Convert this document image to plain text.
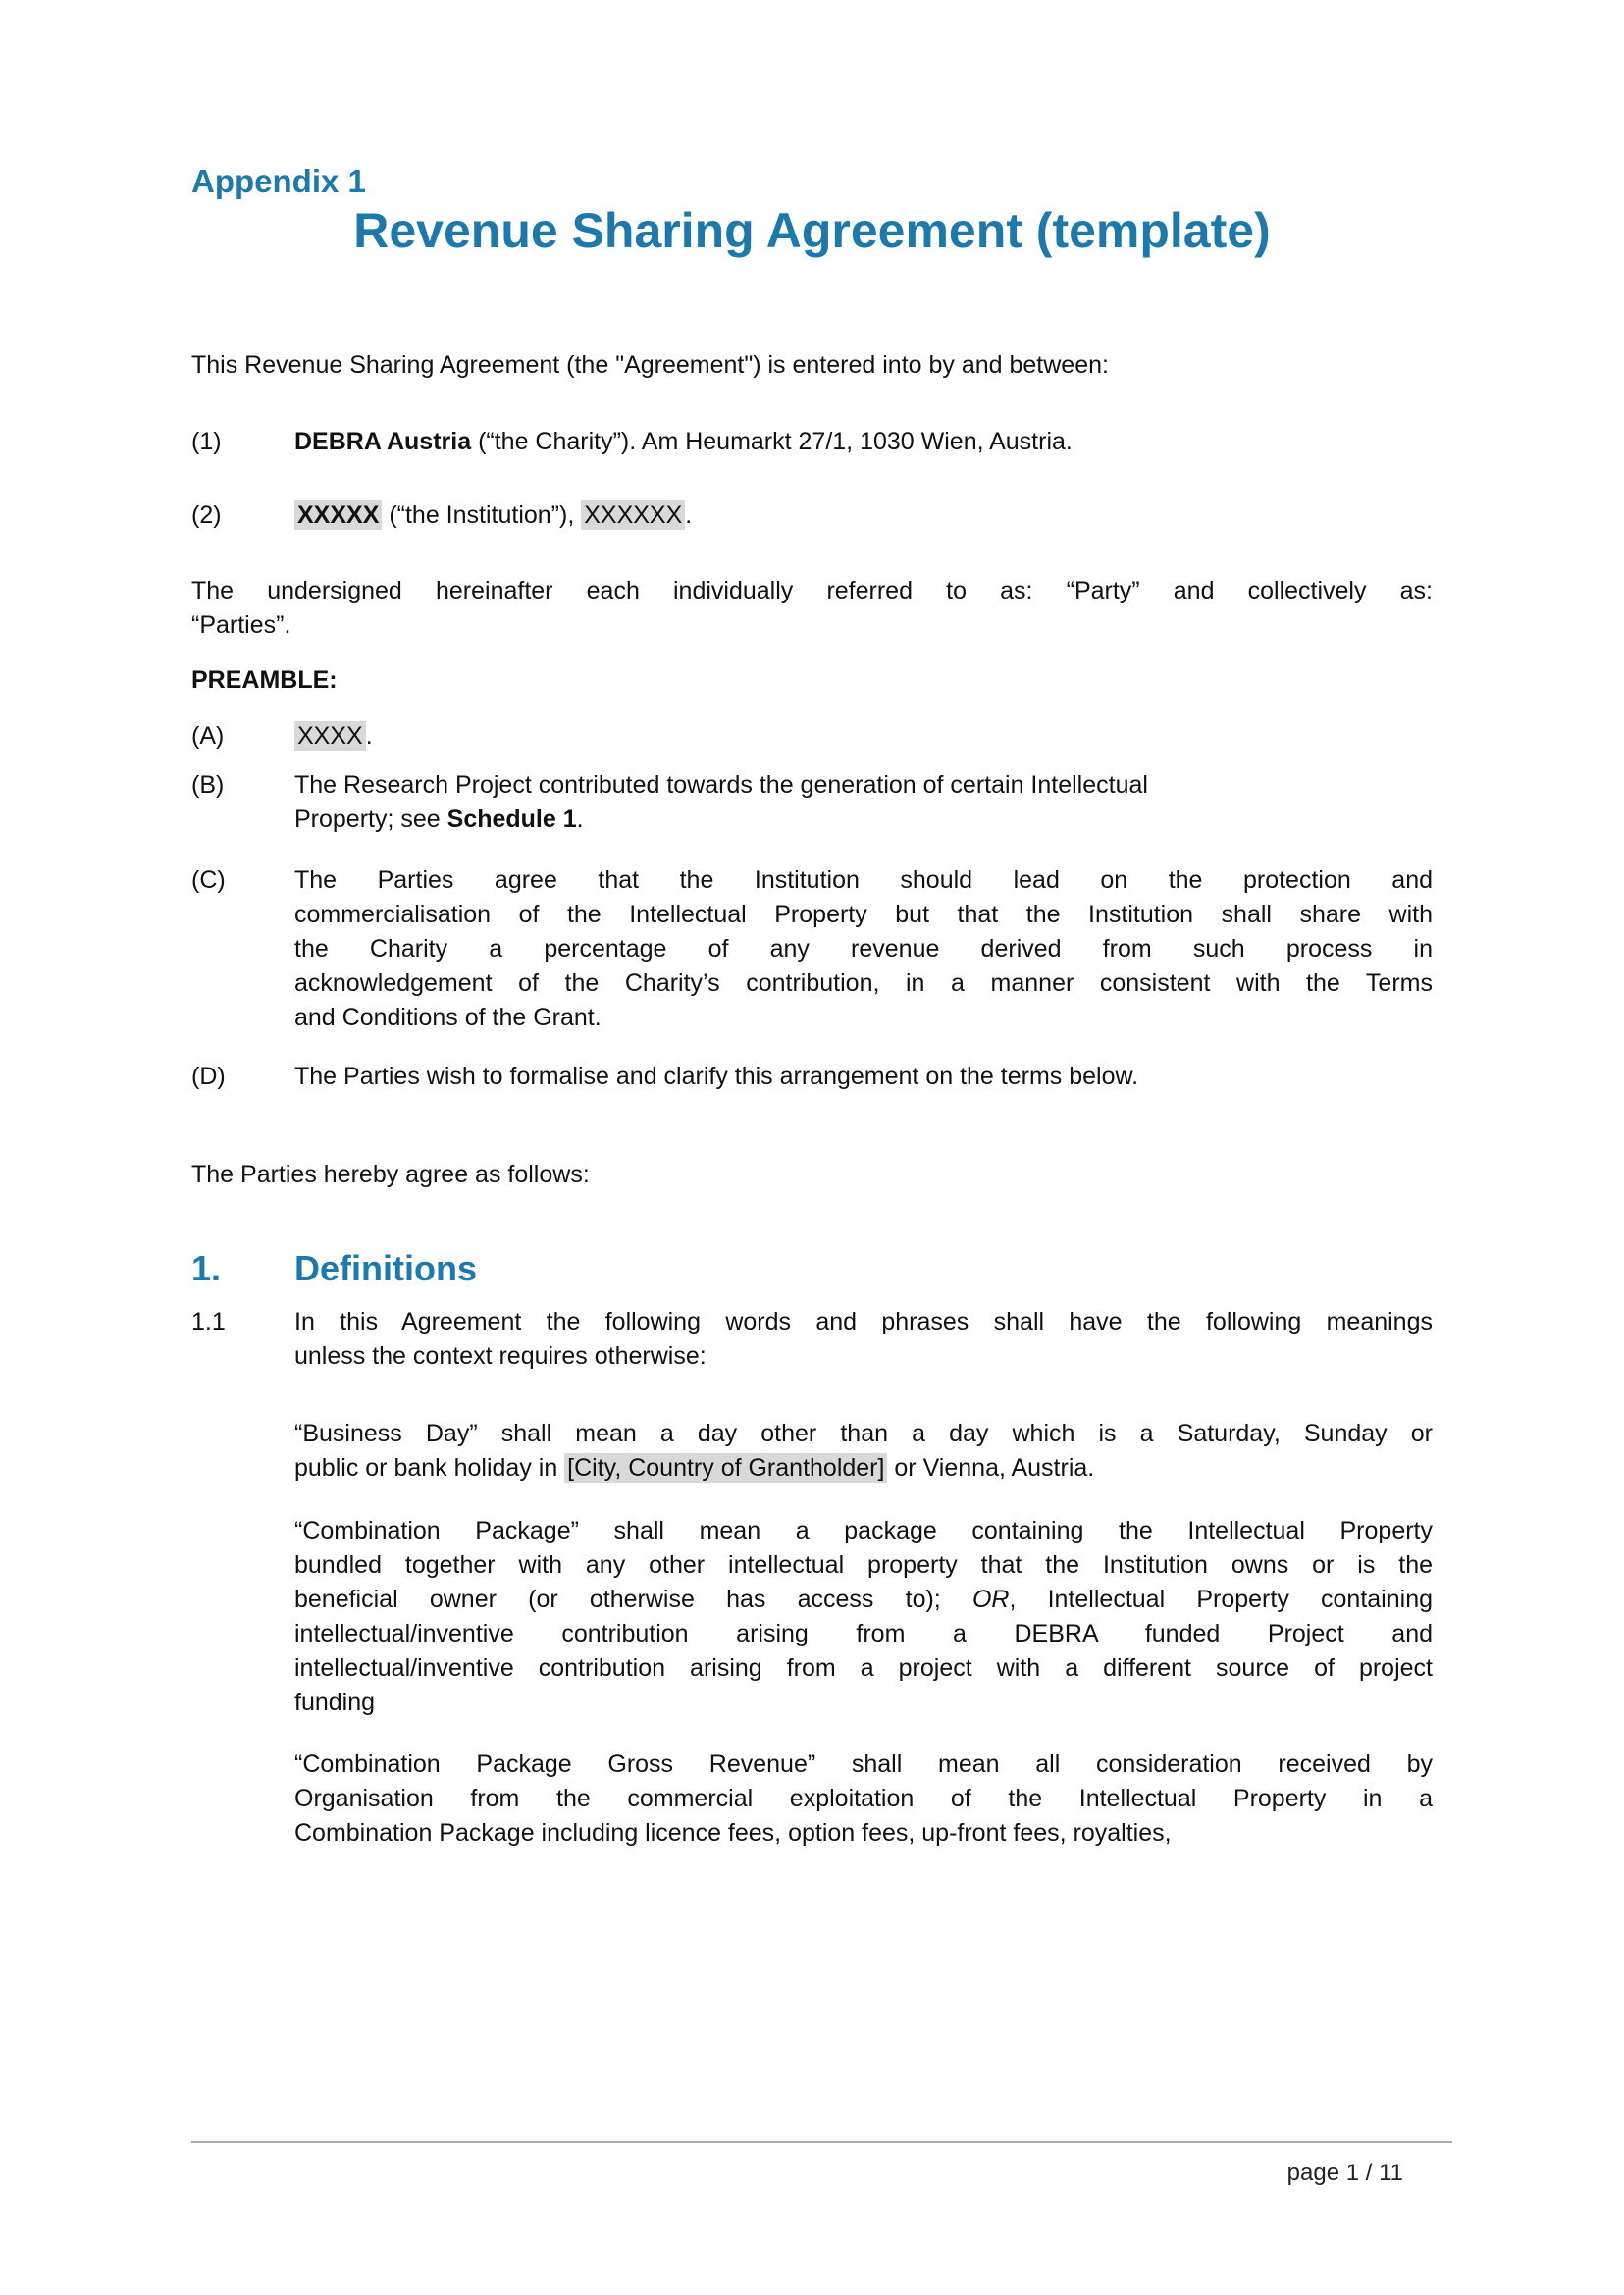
Appendix 1
Revenue Sharing Agreement (template)

This Revenue Sharing Agreement (the "Agreement") is entered into by and between:

(1)	DEBRA Austria (“the Charity”). Am Heumarkt 27/1, 1030 Wien, Austria.
(2)	XXXXX (“the Institution”), XXXXXX .
The undersigned hereinafter each individually referred to as: “Party” and collectively as:
“Parties”.
PREAMBLE:
(A)	XXXX .
(B)	The Research Project contributed towards the generation of certain Intellectual
Property; see Schedule 1.
(C)	The Parties agree that the Institution should lead on the protection and
commercialisation of the Intellectual Property but that the Institution shall share with
the Charity a percentage of any revenue derived from such process in
acknowledgement of the Charity’s contribution, in a manner consistent with the Terms
and Conditions of the Grant.
(D)	The Parties wish to formalise and clarify this arrangement on the terms below.

The Parties hereby agree as follows:

1. Definitions
1.1	In this Agreement the following words and phrases shall have the following meanings
unless the context requires otherwise:
“Business Day” shall mean a day other than a day which is a Saturday, Sunday or
public or bank holiday in [City, Country of Grantholder] or Vienna, Austria.
“Combination Package” shall mean a package containing the Intellectual Property
bundled together with any other intellectual property that the Institution owns or is the
beneficial owner (or otherwise has access to); OR, Intellectual Property containing
intellectual/inventive contribution arising from a DEBRA funded Project and
intellectual/inventive contribution arising from a project with a different source of project
funding
“Combination Package Gross Revenue” shall mean all consideration received by
Organisation from the commercial exploitation of the Intellectual Property in a
Combination Package including licence fees, option fees, up-front fees, royalties,
page 1 / 11
